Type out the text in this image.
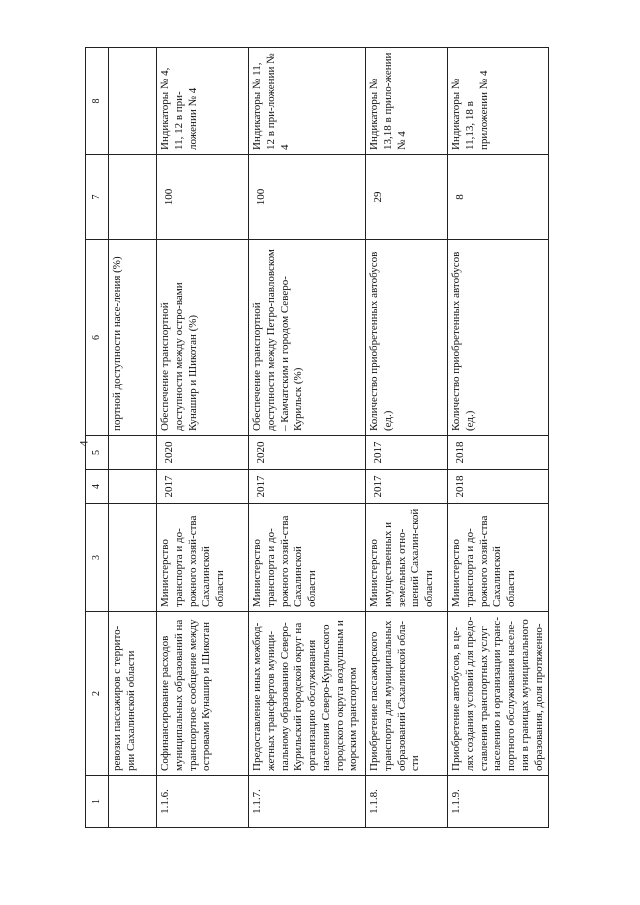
4
1	2	3	4	5	6	7	8
	ревозки пассажиров с террито-рии Сахалинской области				портной доступности насе-ления (%)		
1.1.6.	Софинансирование расходов муниципальных образований на транспортное сообщение между островами Кунашир и Шикотан	Министерство транспорта и до-рожного хозяй-ства Сахалинской области	2017	2020	Обеспечение транспортной доступности между остро-вами Кунашир и Шикотан (%)	100	Индикаторы № 4, 11, 12 в при-ложении № 4
1.1.7.	Предоставление иных межбюд-жетных трансфертов муници-пальному образованию Северо-Курильский городской округ на организацию обслуживания населения Северо-Курильского городского округа воздушным и морским транспортом	Министерство транспорта и до-рожного хозяй-ства Сахалинской области	2017	2020	Обеспечение транспортной доступности между Петро-павловском – Камчатским и городом Северо-Курильск (%)	100	Индикаторы № 11, 12 в при-ложении № 4
1.1.8.	Приобретение пассажирского транспорта для муниципальных образований Сахалинской обла-сти	Министерство имущественных и земельных отно-шений Сахалин-ской области	2017	2017	Количество приобретенных автобусов (ед.)	29	Индикаторы № 13,18 в прило-жении № 4
1.1.9.	Приобретение автобусов, в це-лях создания условий для предо-ставления транспортных услуг населению и организации транс-портного обслуживания населе-ния в границах муниципального образования, доля протяженно-	Министерство транспорта и до-рожного хозяй-ства Сахалинской области	2018	2018	Количество приобретенных автобусов (ед.)	8	Индикаторы № 11,13, 18 в приложении № 4
